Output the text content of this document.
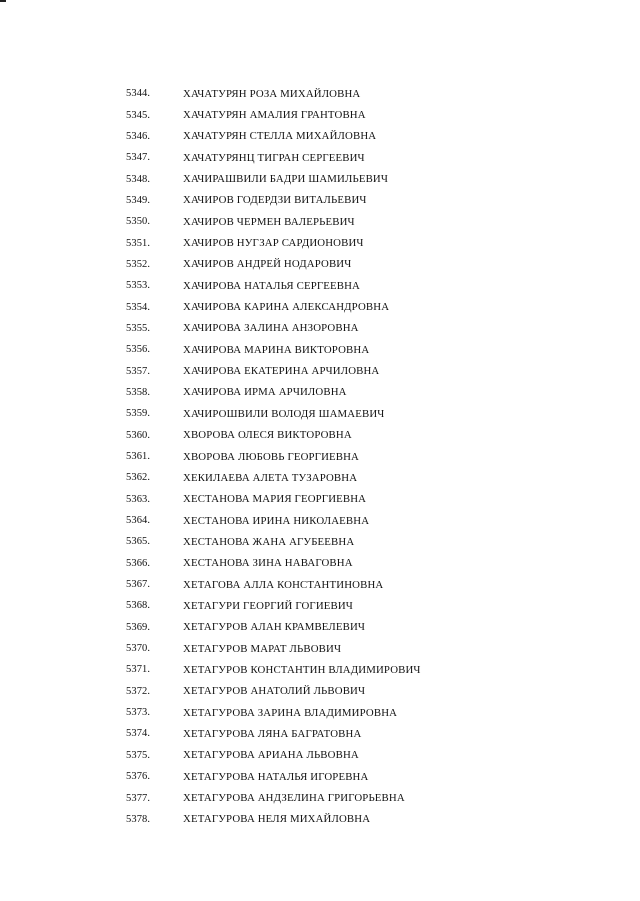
5344.	ХАЧАТУРЯН РОЗА МИХАЙЛОВНА
5345.	ХАЧАТУРЯН АМАЛИЯ ГРАНТОВНА
5346.	ХАЧАТУРЯН СТЕЛЛА МИХАЙЛОВНА
5347.	ХАЧАТУРЯНЦ ТИГРАН СЕРГЕЕВИЧ
5348.	ХАЧИРАШВИЛИ БАДРИ ШАМИЛЬЕВИЧ
5349.	ХАЧИРОВ ГОДЕРДЗИ ВИТАЛЬЕВИЧ
5350.	ХАЧИРОВ ЧЕРМЕН ВАЛЕРЬЕВИЧ
5351.	ХАЧИРОВ НУГЗАР САРДИОНОВИЧ
5352.	ХАЧИРОВ АНДРЕЙ НОДАРОВИЧ
5353.	ХАЧИРОВА НАТАЛЬЯ СЕРГЕЕВНА
5354.	ХАЧИРОВА КАРИНА АЛЕКСАНДРОВНА
5355.	ХАЧИРОВА ЗАЛИНА АНЗОРОВНА
5356.	ХАЧИРОВА МАРИНА ВИКТОРОВНА
5357.	ХАЧИРОВА ЕКАТЕРИНА АРЧИЛОВНА
5358.	ХАЧИРОВА ИРМА АРЧИЛОВНА
5359.	ХАЧИРОШВИЛИ ВОЛОДЯ ШАМАЕВИЧ
5360.	ХВОРОВА ОЛЕСЯ ВИКТОРОВНА
5361.	ХВОРОВА ЛЮБОВЬ ГЕОРГИЕВНА
5362.	ХЕКИЛАЕВА АЛЕТА ТУЗАРОВНА
5363.	ХЕСТАНОВА МАРИЯ ГЕОРГИЕВНА
5364.	ХЕСТАНОВА ИРИНА НИКОЛАЕВНА
5365.	ХЕСТАНОВА ЖАНА АГУБЕЕВНА
5366.	ХЕСТАНОВА ЗИНА НАВАГОВНА
5367.	ХЕТАГОВА АЛЛА КОНСТАНТИНОВНА
5368.	ХЕТАГУРИ ГЕОРГИЙ ГОГИЕВИЧ
5369.	ХЕТАГУРОВ АЛАН КРАМВЕЛЕВИЧ
5370.	ХЕТАГУРОВ МАРАТ ЛЬВОВИЧ
5371.	ХЕТАГУРОВ КОНСТАНТИН ВЛАДИМИРОВИЧ
5372.	ХЕТАГУРОВ АНАТОЛИЙ ЛЬВОВИЧ
5373.	ХЕТАГУРОВА ЗАРИНА ВЛАДИМИРОВНА
5374.	ХЕТАГУРОВА ЛЯНА БАГРАТОВНА
5375.	ХЕТАГУРОВА АРИАНА ЛЬВОВНА
5376.	ХЕТАГУРОВА НАТАЛЬЯ ИГОРЕВНА
5377.	ХЕТАГУРОВА АНДЗЕЛИНА ГРИГОРЬЕВНА
5378.	ХЕТАГУРОВА НЕЛЯ МИХАЙЛОВНА
